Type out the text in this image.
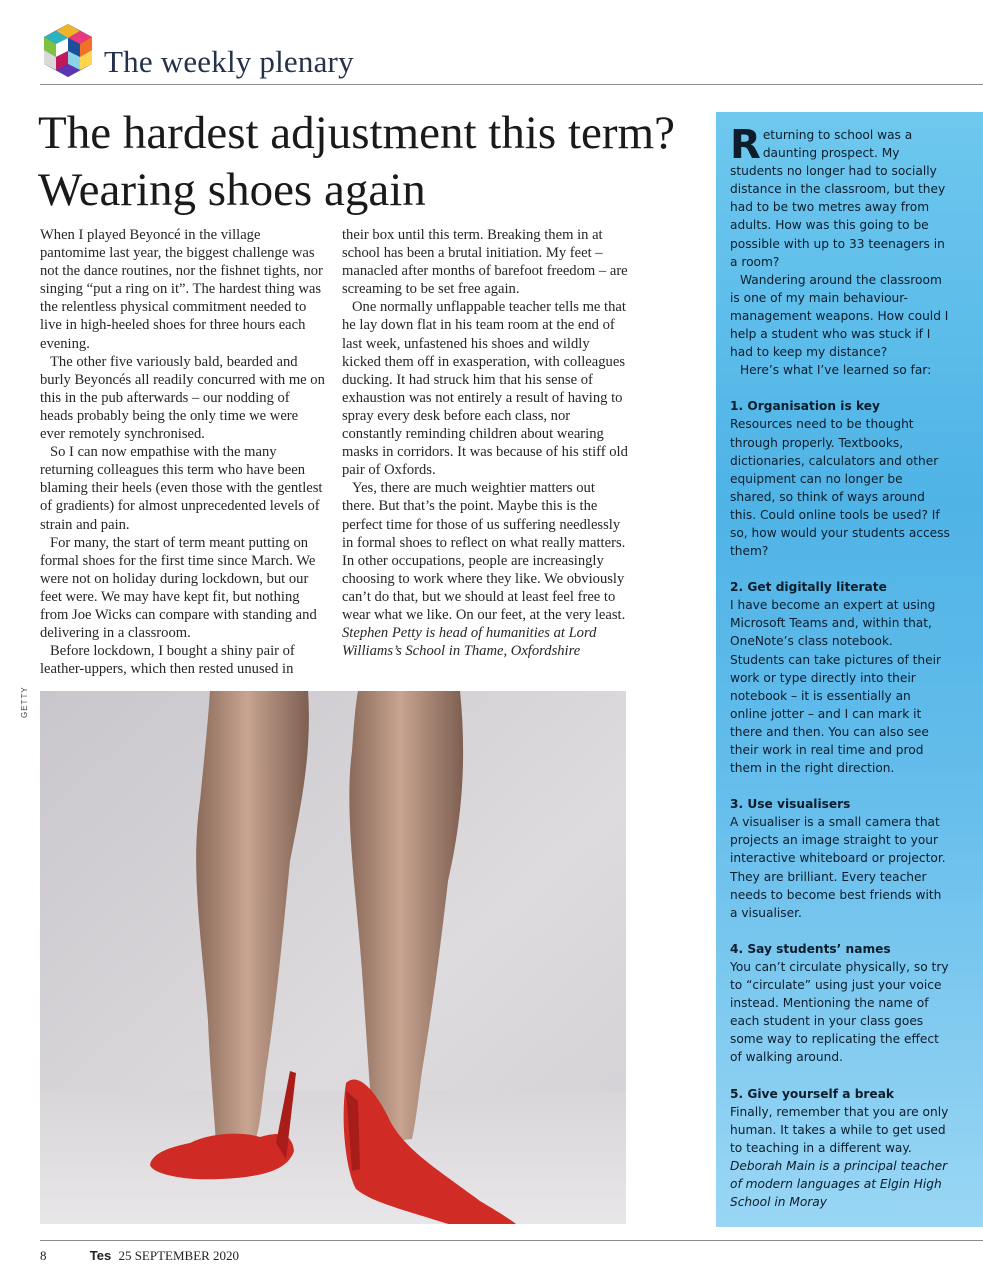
The weekly plenary
The hardest adjustment this term? Wearing shoes again

When I played Beyoncé in the village pantomime last year, the biggest challenge was not the dance routines, nor the fishnet tights, nor singing “put a ring on it”. The hardest thing was the relentless physical commitment needed to live in high-heeled shoes for three hours each evening.

The other five variously bald, bearded and burly Beyoncés all readily concurred with me on this in the pub afterwards – our nodding of heads probably being the only time we were ever remotely synchronised.

So I can now empathise with the many returning colleagues this term who have been blaming their heels (even those with the gentlest of gradients) for almost unprecedented levels of strain and pain.

For many, the start of term meant putting on formal shoes for the first time since March. We were not on holiday during lockdown, but our feet were. We may have kept fit, but nothing from Joe Wicks can compare with standing and delivering in a classroom.

Before lockdown, I bought a shiny pair of leather-uppers, which then rested unused in

their box until this term. Breaking them in at school has been a brutal initiation. My feet – manacled after months of barefoot freedom – are screaming to be set free again.

One normally unflappable teacher tells me that he lay down flat in his team room at the end of last week, unfastened his shoes and wildly kicked them off in exasperation, with colleagues ducking. It had struck him that his sense of exhaustion was not entirely a result of having to spray every desk before each class, nor constantly reminding children about wearing masks in corridors. It was because of his stiff old pair of Oxfords.

Yes, there are much weightier matters out there. But that’s the point. Maybe this is the perfect time for those of us suffering needlessly in formal shoes to reflect on what really matters. In other occupations, people are increasingly choosing to work where they like. We obviously can’t do that, but we should at least feel free to wear what we like. On our feet, at the very least.

Stephen Petty is head of humanities at Lord Williams’s School in Thame, Oxfordshire

GETTY

Returning to school was a daunting prospect. My students no longer had to socially distance in the classroom, but they had to be two metres away from adults. How was this going to be possible with up to 33 teenagers in a room?

Wandering around the classroom is one of my main behaviour-management weapons. How could I help a student who was stuck if I had to keep my distance?

Here’s what I’ve learned so far:

1. Organisation is key
Resources need to be thought through properly. Textbooks, dictionaries, calculators and other equipment can no longer be shared, so think of ways around this. Could online tools be used? If so, how would your students access them?

2. Get digitally literate
I have become an expert at using Microsoft Teams and, within that, OneNote’s class notebook. Students can take pictures of their work or type directly into their notebook – it is essentially an online jotter – and I can mark it there and then. You can also see their work in real time and prod them in the right direction.

3. Use visualisers
A visualiser is a small camera that projects an image straight to your interactive whiteboard or projector. They are brilliant. Every teacher needs to become best friends with a visualiser.

4. Say students’ names
You can’t circulate physically, so try to “circulate” using just your voice instead. Mentioning the name of each student in your class goes some way to replicating the effect of walking around.

5. Give yourself a break
Finally, remember that you are only human. It takes a while to get used to teaching in a different way.

Deborah Main is a principal teacher of modern languages at Elgin High School in Moray

8	Tes 25 SEPTEMBER 2020
